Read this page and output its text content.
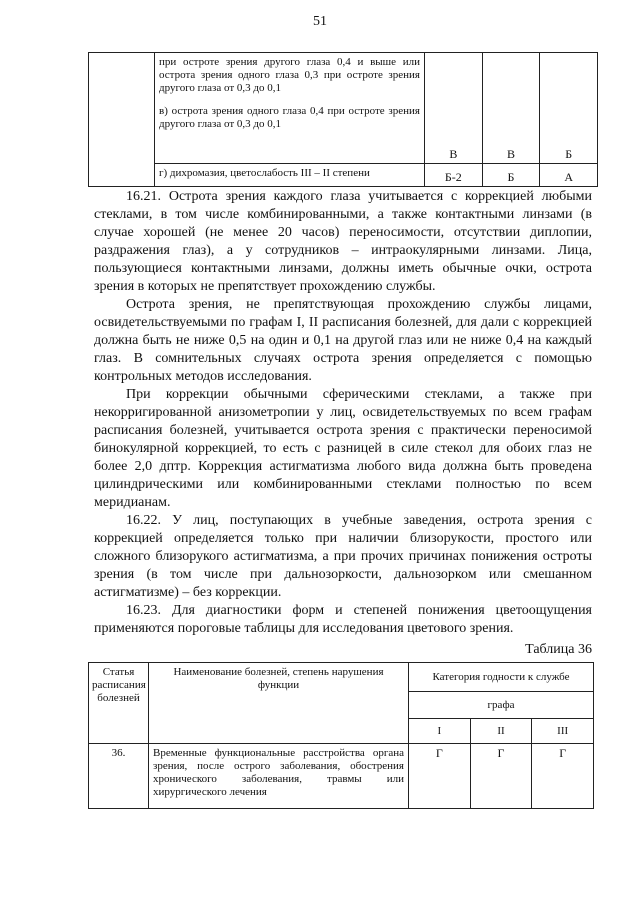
51

	при остроте зрения другого глаза 0,4 и выше или острота зрения одного глаза 0,3 при остроте зрения другого глаза от 0,3 до 0,1

в) острота зрения одного глаза 0,4 при остроте зрения другого глаза от 0,3 до 0,1	В	В	Б
	г) дихромазия, цветослабость III – II степени	Б-2	Б	А

16.21. Острота зрения каждого глаза учитывается с коррекцией любыми стеклами, в том числе комбинированными, а также контактными линзами (в случае хорошей (не менее 20 часов) переносимости, отсутствии диплопии, раздражения глаз), а у сотрудников – интраокулярными линзами. Лица, пользующиеся контактными линзами, должны иметь обычные очки, острота зрения в которых не препятствует прохождению службы.

Острота зрения, не препятствующая прохождению службы лицами, освидетельствуемыми по графам I, II расписания болезней, для дали с коррекцией должна быть не ниже 0,5 на один и 0,1 на другой глаз или не ниже 0,4 на каждый глаз. В сомнительных случаях острота зрения определяется с помощью контрольных методов исследования.

При коррекции обычными сферическими стеклами, а также при некорригированной анизометропии у лиц, освидетельствуемых по всем графам расписания болезней, учитывается острота зрения с практически переносимой бинокулярной коррекцией, то есть с разницей в силе стекол для обоих глаз не более 2,0 дптр. Коррекция астигматизма любого вида должна быть проведена цилиндрическими или комбинированными стеклами полностью по всем меридианам.

16.22. У лиц, поступающих в учебные заведения, острота зрения с коррекцией определяется только при наличии близорукости, простого или сложного близорукого астигматизма, а при прочих причинах понижения остроты зрения (в том числе при дальнозоркости, дальнозорком или смешанном астигматизме) – без коррекции.

16.23. Для диагностики форм и степеней понижения цветоощущения применяются пороговые таблицы для исследования цветового зрения.

Таблица 36
Статья расписания болезней	Наименование болезней, степень нарушения функции	Категория годности к службе		
		графа		
		I	II	III
36.	Временные функциональные расстройства органа зрения, после острого заболевания, обострения хронического заболевания, травмы или хирургического лечения	Г	Г	Г
